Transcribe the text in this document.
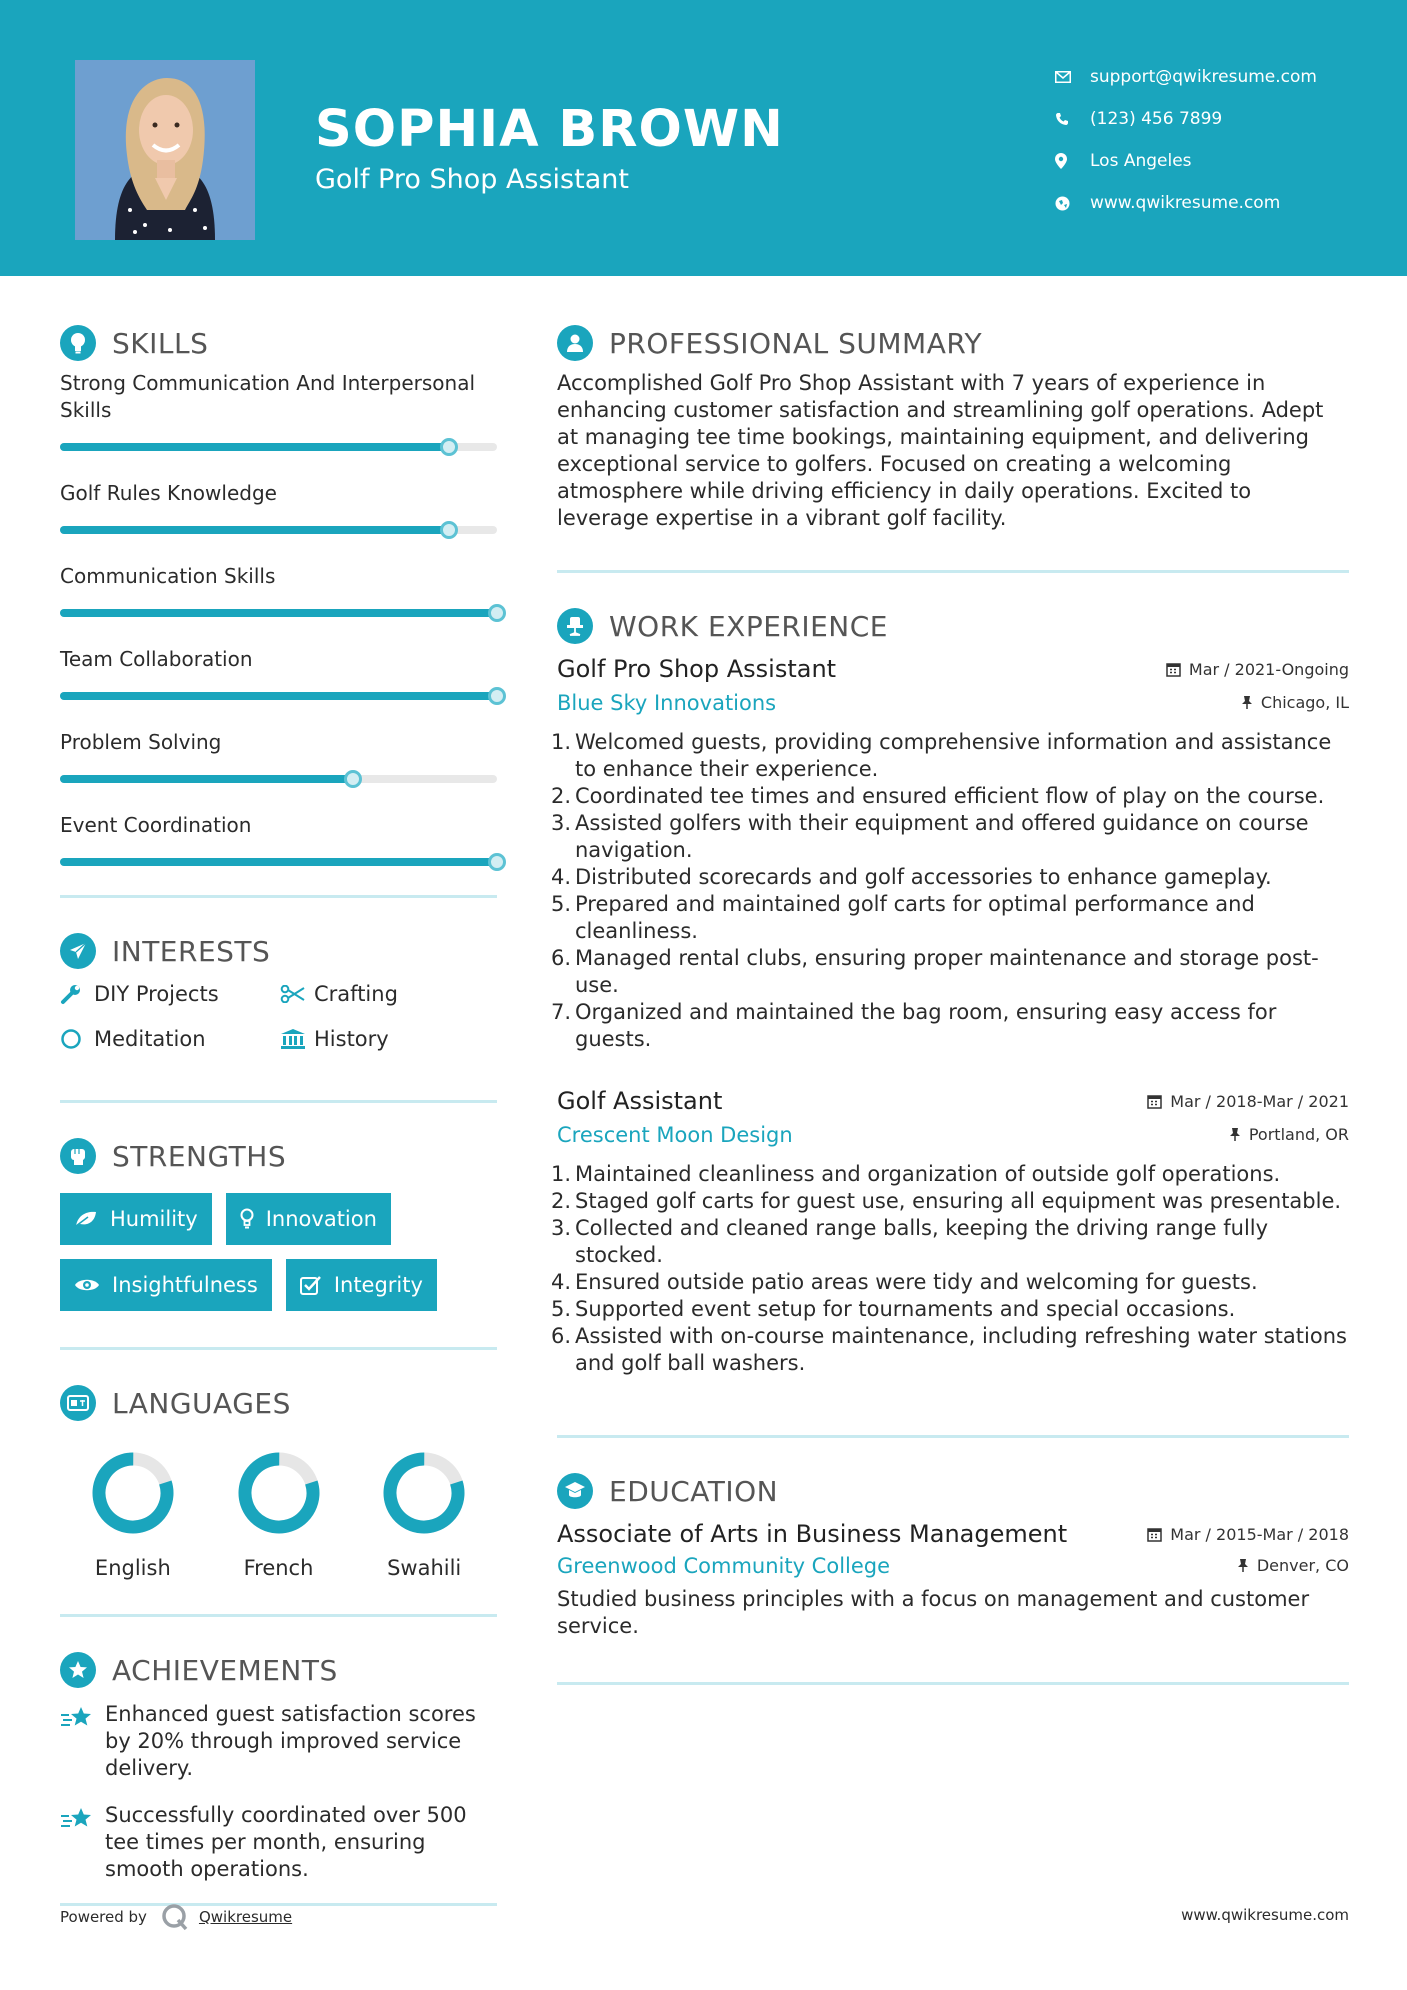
SOPHIA BROWN
Golf Pro Shop Assistant
support@qwikresume.com
(123) 456 7899
Los Angeles
www.qwikresume.com
SKILLS
Strong Communication And Interpersonal Skills
Golf Rules Knowledge
Communication Skills
Team Collaboration
Problem Solving
Event Coordination
INTERESTS
DIY Projects	Crafting
Meditation	History
STRENGTHS
Humility	Innovation
Insightfulness	Integrity
LANGUAGES
English	French	Swahili
ACHIEVEMENTS
Enhanced guest satisfaction scores by 20% through improved service delivery.
Successfully coordinated over 500 tee times per month, ensuring smooth operations.
PROFESSIONAL SUMMARY
Accomplished Golf Pro Shop Assistant with 7 years of experience in enhancing customer satisfaction and streamlining golf operations. Adept at managing tee time bookings, maintaining equipment, and delivering exceptional service to golfers. Focused on creating a welcoming atmosphere while driving efficiency in daily operations. Excited to leverage expertise in a vibrant golf facility.
WORK EXPERIENCE
Golf Pro Shop Assistant	Mar / 2021-Ongoing
Blue Sky Innovations	Chicago, IL
Welcomed guests, providing comprehensive information and assistance to enhance their experience.
Coordinated tee times and ensured efficient flow of play on the course.
Assisted golfers with their equipment and offered guidance on course navigation.
Distributed scorecards and golf accessories to enhance gameplay.
Prepared and maintained golf carts for optimal performance and cleanliness.
Managed rental clubs, ensuring proper maintenance and storage post-use.
Organized and maintained the bag room, ensuring easy access for guests.
Golf Assistant	Mar / 2018-Mar / 2021
Crescent Moon Design	Portland, OR
Maintained cleanliness and organization of outside golf operations.
Staged golf carts for guest use, ensuring all equipment was presentable.
Collected and cleaned range balls, keeping the driving range fully stocked.
Ensured outside patio areas were tidy and welcoming for guests.
Supported event setup for tournaments and special occasions.
Assisted with on-course maintenance, including refreshing water stations and golf ball washers.
EDUCATION
Associate of Arts in Business Management	Mar / 2015-Mar / 2018
Greenwood Community College	Denver, CO
Studied business principles with a focus on management and customer service.
Powered by	Qwikresume	www.qwikresume.com
